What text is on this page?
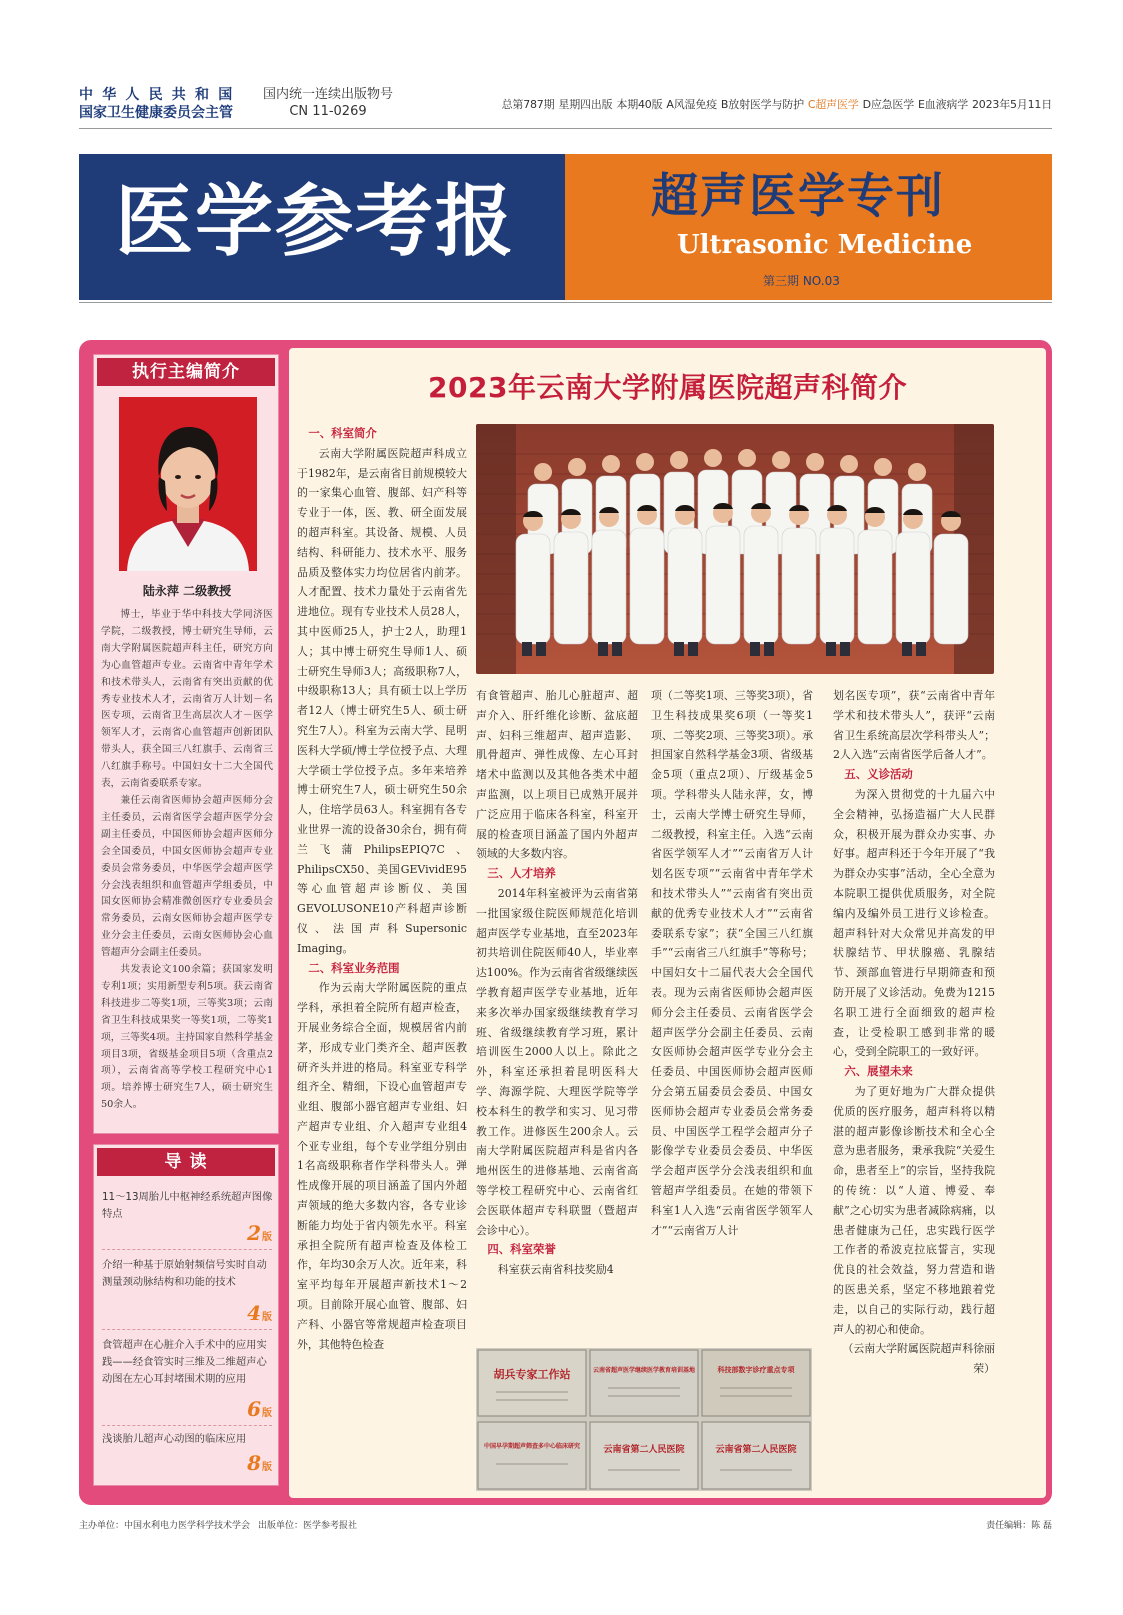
中华人民共和国
国家卫生健康委员会主管
国内统一连续出版物号
CN 11-0269	总第787期 星期四出版 本期40版 A风湿免疫 B放射医学与防护 C超声医学 D应急医学 E血液病学 2023年5月11日
医学参考报	超声医学专刊
Ultrasonic Medicine
第三期 NO.03
执行主编简介
陆永萍 二级教授

博士，毕业于华中科技大学同济医学院，二级教授，博士研究生导师，云南大学附属医院超声科主任，研究方向为心血管超声专业。云南省中青年学术和技术带头人，云南省有突出贡献的优秀专业技术人才，云南省万人计划－名医专项，云南省卫生高层次人才－医学领军人才，云南省心血管超声创新团队带头人，获全国三八红旗手、云南省三八红旗手称号。中国妇女十二大全国代表，云南省委联系专家。

兼任云南省医师协会超声医师分会主任委员，云南省医学会超声医学分会副主任委员，中国医师协会超声医师分会全国委员，中国女医师协会超声专业委员会常务委员，中华医学会超声医学分会浅表组织和血管超声学组委员，中国女医师协会精准微创医疗专业委员会常务委员，云南女医师协会超声医学专业分会主任委员，云南女医师协会心血管超声分会副主任委员。

共发表论文100余篇；获国家发明专利1项；实用新型专利5项。获云南省科技进步二等奖1项，三等奖3项；云南省卫生科技成果奖一等奖1项，二等奖1项，三等奖4项。主持国家自然科学基金项目3项，省级基金项目5项（含重点2项），云南省高等学校工程研究中心1项。培养博士研究生7人，硕士研究生50余人。

导 读
11～13周胎儿中枢神经系统超声图像特点
2版
介绍一种基于原始射频信号实时自动测量颈动脉结构和功能的技术
4版
食管超声在心脏介入手术中的应用实践——经食管实时三维及二维超声心动图在左心耳封堵围术期的应用
6版
浅谈胎儿超声心动图的临床应用
8版
2023年云南大学附属医院超声科简介

一、科室简介

云南大学附属医院超声科成立于1982年，是云南省目前规模较大的一家集心血管、腹部、妇产科等专业于一体，医、教、研全面发展的超声科室。其设备、规模、人员结构、科研能力、技术水平、服务品质及整体实力均位居省内前茅。人才配置、技术力量处于云南省先进地位。现有专业技术人员28人，其中医师25人，护士2人，助理1人；其中博士研究生导师1人、硕士研究生导师3人；高级职称7人，中级职称13人；具有硕士以上学历者12人（博士研究生5人、硕士研究生7人）。科室为云南大学、昆明医科大学硕/博士学位授予点、大理大学硕士学位授予点。多年来培养博士研究生7人，硕士研究生50余人，住培学员63人。科室拥有各专业世界一流的设备30余台，拥有荷兰飞蒲PhilipsEPIQ7C、PhilipsCX50、美国GEVividE95等心血管超声诊断仪、美国GEVOLUSONE10产科超声诊断仪、法国声科Supersonic Imaging。

二、科室业务范围

作为云南大学附属医院的重点学科，承担着全院所有超声检查，开展业务综合全面，规模居省内前茅，形成专业门类齐全、超声医教研齐头并进的格局。科室亚专科学组齐全、精细，下设心血管超声专业组、腹部小器官超声专业组、妇产超声专业组、介入超声专业组4个亚专业组，每个专业学组分别由1名高级职称者作学科带头人。弹性成像开展的项目涵盖了国内外超声领域的绝大多数内容，各专业诊断能力均处于省内领先水平。科室承担全院所有超声检查及体检工作，年均30余万人次。近年来，科室平均每年开展超声新技术1～2项。目前除开展心血管、腹部、妇产科、小器官等常规超声检查项目外，其他特色检查

有食管超声、胎儿心脏超声、超声介入、肝纤维化诊断、盆底超声、妇科三维超声、超声造影、肌骨超声、弹性成像、左心耳封堵术中监测以及其他各类术中超声监测，以上项目已成熟开展并广泛应用于临床各科室，科室开展的检查项目涵盖了国内外超声领域的大多数内容。

三、人才培养

2014年科室被评为云南省第一批国家级住院医师规范化培训超声医学专业基地，直至2023年初共培训住院医师40人，毕业率达100%。作为云南省省级继续医学教育超声医学专业基地，近年来多次举办国家级继续教育学习班、省级继续教育学习班，累计培训医生2000人以上。除此之外，科室还承担着昆明医科大学、海源学院、大理医学院等学校本科生的教学和实习、见习带教工作。进修医生200余人。云南大学附属医院超声科是省内各地州医生的进修基地、云南省高等学校工程研究中心、云南省红会医联体超声专科联盟（暨超声会诊中心）。

四、科室荣誉

科室获云南省科技奖励4

项（二等奖1项、三等奖3项），省卫生科技成果奖6项（一等奖1项、二等奖2项、三等奖3项）。承担国家自然科学基金3项、省级基金5项（重点2项）、厅级基金5项。学科带头人陆永萍，女，博士，云南大学博士研究生导师，二级教授，科室主任。入选“云南省医学领军人才”“云南省万人计划名医专项”“云南省中青年学术和技术带头人”“云南省有突出贡献的优秀专业技术人才”“云南省委联系专家”；获“全国三八红旗手”“云南省三八红旗手”等称号；中国妇女十二届代表大会全国代表。现为云南省医师协会超声医师分会主任委员、云南省医学会超声医学分会副主任委员、云南女医师协会超声医学专业分会主任委员、中国医师协会超声医师分会第五届委员会委员、中国女医师协会超声专业委员会常务委员、中国医学工程学会超声分子影像学专业委员会委员、中华医学会超声医学分会浅表组织和血管超声学组委员。在她的带领下科室1人入选“云南省医学领军人才”“云南省万人计

划名医专项”，获“云南省中青年学术和技术带头人”，获评“云南省卫生系统高层次学科带头人”；2人入选“云南省医学后备人才”。

五、义诊活动

为深入贯彻党的十九届六中全会精神，弘扬造福广大人民群众，积极开展为群众办实事、办好事。超声科还于今年开展了“我为群众办实事”活动，全心全意为本院职工提供优质服务，对全院编内及编外员工进行义诊检查。超声科针对大众常见并高发的甲状腺结节、甲状腺癌、乳腺结节、颈部血管进行早期筛查和预防开展了义诊活动。免费为1215名职工进行全面细致的超声检查，让受检职工感到非常的暖心，受到全院职工的一致好评。

六、展望未来

为了更好地为广大群众提供优质的医疗服务，超声科将以精湛的超声影像诊断技术和全心全意为患者服务，秉承我院“关爱生命，患者至上”的宗旨，坚持我院的传统：以“人道、博爱、奉献”之心切实为患者减除病痛，以患者健康为己任，忠实践行医学工作者的希波克拉底誓言，实现优良的社会效益，努力营造和谐的医患关系，坚定不移地踉着党走，以自己的实际行动，践行超声人的初心和使命。

（云南大学附属医院超声科徐丽荣）

胡兵专家工作站	云南省超声医学继续医学教育培训基地	科技部数字诊疗重点专项
中国早孕期超声筛查多中心临床研究	云南省第二人民医院	云南省第二人民医院
主办单位：中国水利电力医学科学技术学会 出版单位：医学参考报社	责任编辑：陈 磊
